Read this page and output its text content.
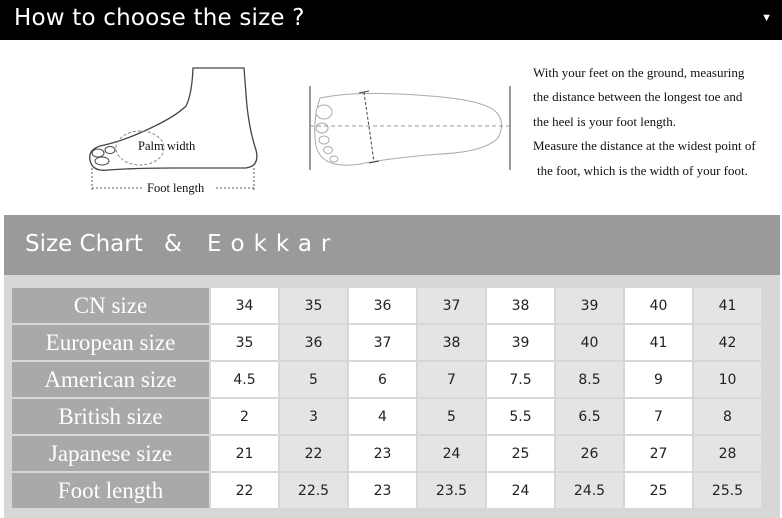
How to choose the size ?	▼
Palm width
Foot length
With your feet on the ground, measuring
the distance between the longest toe and
the heel is your foot length.
Measure the distance at the widest point of
the foot, which is the width of your foot.
Size Chart & Eokkar
CN size	34	35	36	37	38	39	40	41
European size	35	36	37	38	39	40	41	42
American size	4.5	5	6	7	7.5	8.5	9	10
British size	2	3	4	5	5.5	6.5	7	8
Japanese size	21	22	23	24	25	26	27	28
Foot length	22	22.5	23	23.5	24	24.5	25	25.5
